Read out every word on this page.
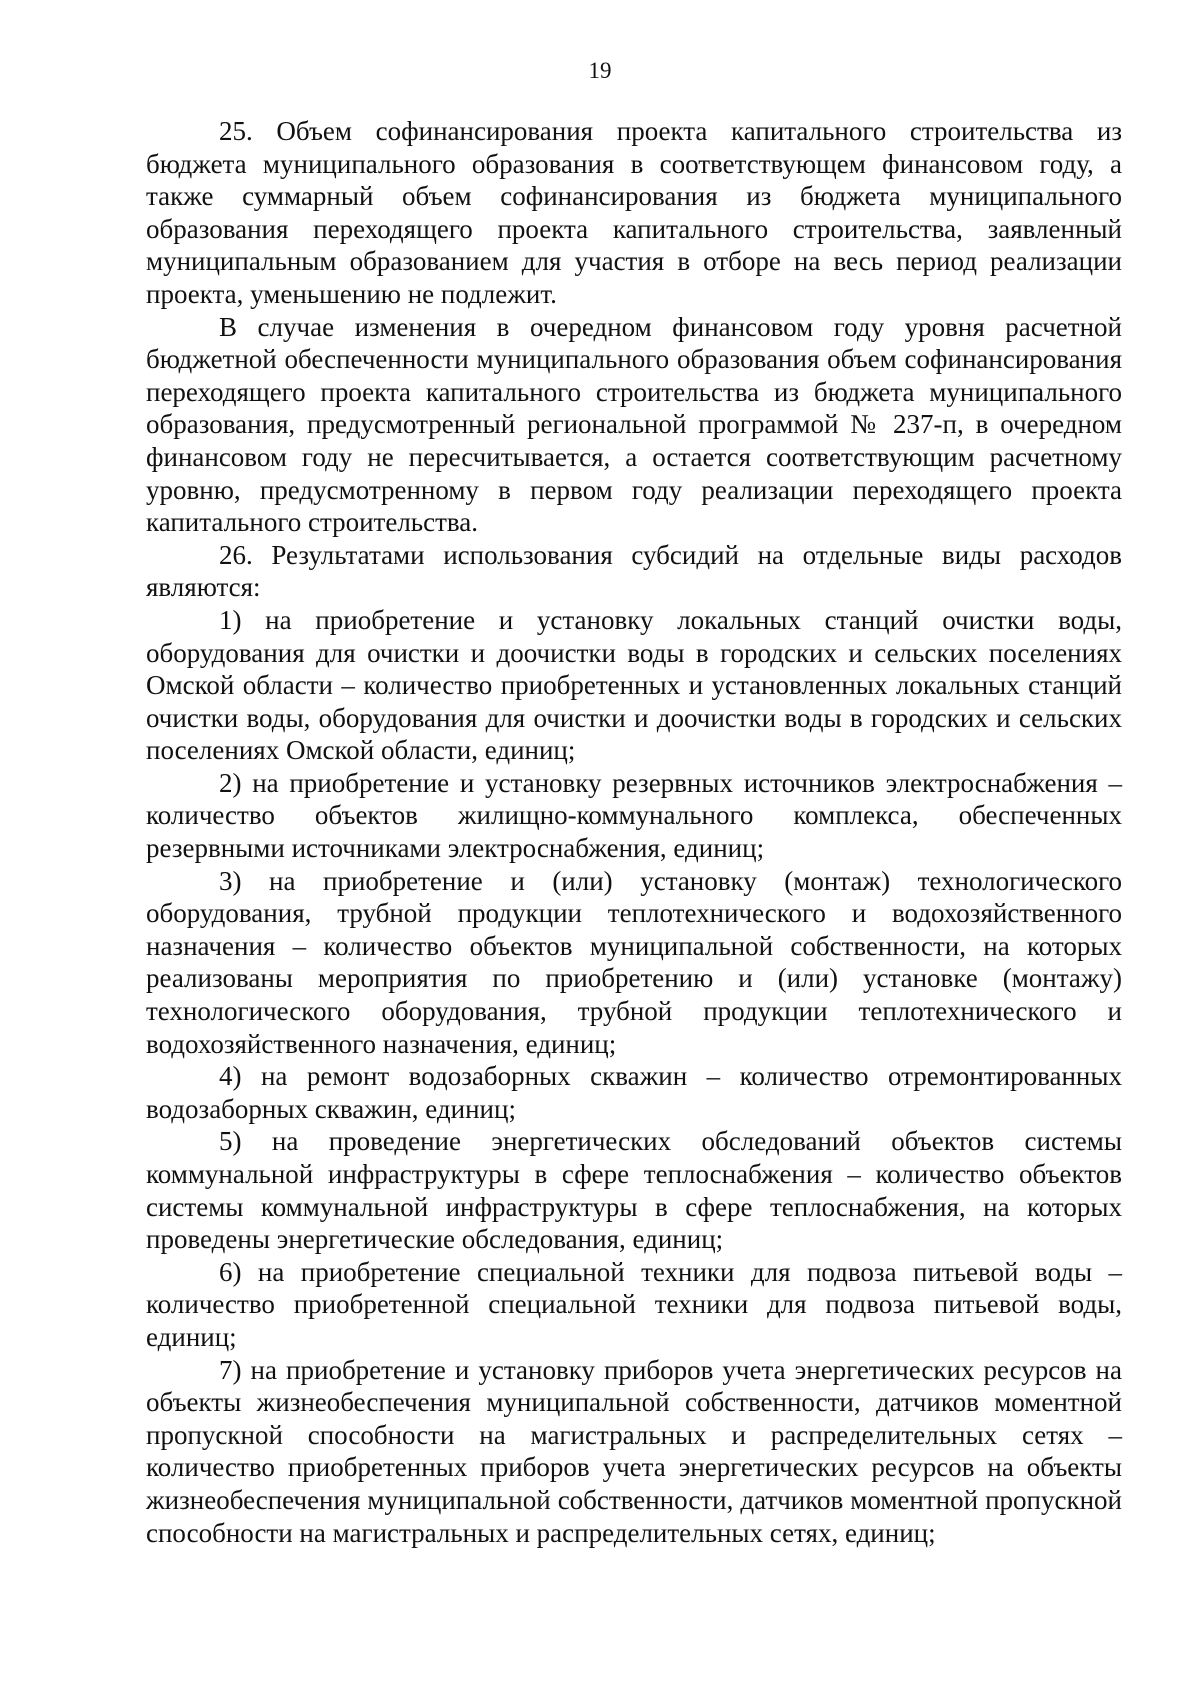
19

25. Объем софинансирования проекта капитального строительства из бюджета муниципального образования в соответствующем финансовом году, а также суммарный объем софинансирования из бюджета муниципального образования переходящего проекта капитального строительства, заявленный муниципальным образованием для участия в отборе на весь период реализации проекта, уменьшению не подлежит.

В случае изменения в очередном финансовом году уровня расчетной бюджетной обеспеченности муниципального образования объем софинансирования переходящего проекта капитального строительства из бюджета муниципального образования, предусмотренный региональной программой № 237-п, в очередном финансовом году не пересчитывается, а остается соответствующим расчетному уровню, предусмотренному в первом году реализации переходящего проекта капитального строительства.

26. Результатами использования субсидий на отдельные виды расходов являются:

1) на приобретение и установку локальных станций очистки воды, оборудования для очистки и доочистки воды в городских и сельских поселениях Омской области – количество приобретенных и установленных локальных станций очистки воды, оборудования для очистки и доочистки воды в городских и сельских поселениях Омской области, единиц;

2) на приобретение и установку резервных источников электроснабжения – количество объектов жилищно-коммунального комплекса, обеспеченных резервными источниками электроснабжения, единиц;

3) на приобретение и (или) установку (монтаж) технологического оборудования, трубной продукции теплотехнического и водохозяйственного назначения – количество объектов муниципальной собственности, на которых реализованы мероприятия по приобретению и (или) установке (монтажу) технологического оборудования, трубной продукции теплотехнического и водохозяйственного назначения, единиц;

4) на ремонт водозаборных скважин – количество отремонтированных водозаборных скважин, единиц;

5) на проведение энергетических обследований объектов системы коммунальной инфраструктуры в сфере теплоснабжения – количество объектов системы коммунальной инфраструктуры в сфере теплоснабжения, на которых проведены энергетические обследования, единиц;

6) на приобретение специальной техники для подвоза питьевой воды – количество приобретенной специальной техники для подвоза питьевой воды, единиц;

7) на приобретение и установку приборов учета энергетических ресурсов на объекты жизнеобеспечения муниципальной собственности, датчиков моментной пропускной способности на магистральных и распределительных сетях – количество приобретенных приборов учета энергетических ресурсов на объекты жизнеобеспечения муниципальной собственности, датчиков моментной пропускной способности на магистральных и распределительных сетях, единиц;
